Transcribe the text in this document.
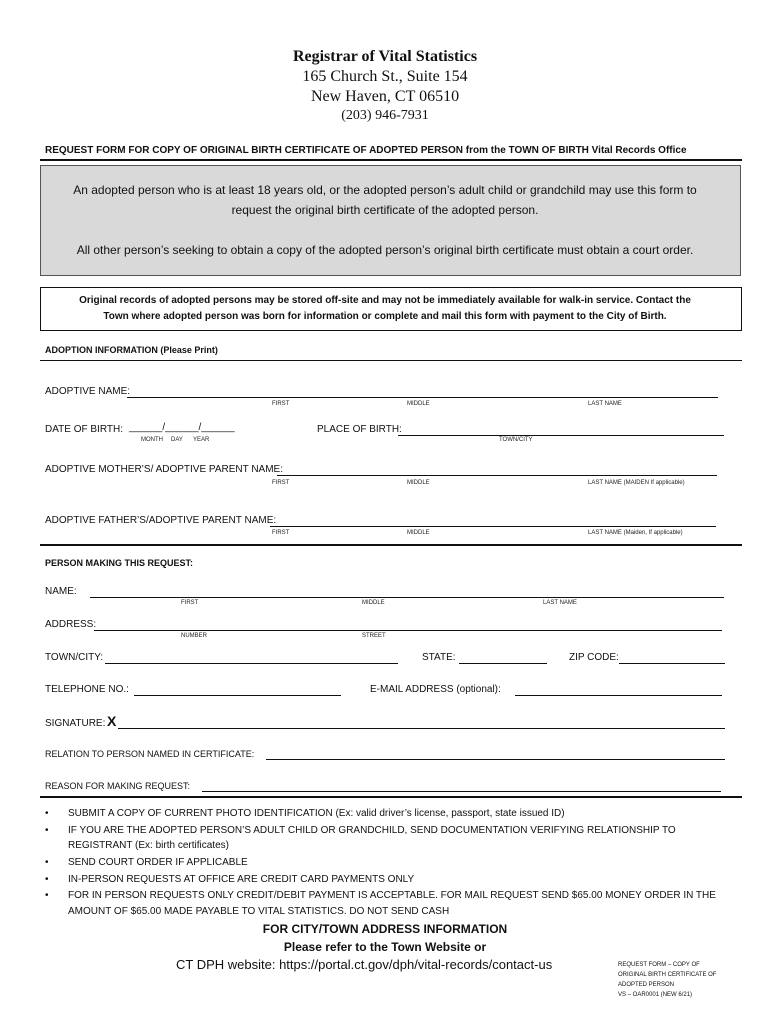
Registrar of Vital Statistics
165 Church St., Suite 154
New Haven, CT 06510
(203) 946-7931
REQUEST FORM FOR COPY OF ORIGINAL BIRTH CERTIFICATE OF ADOPTED PERSON from the TOWN OF BIRTH Vital Records Office
An adopted person who is at least 18 years old, or the adopted person’s adult child or grandchild may use this form to
request the original birth certificate of the adopted person.
All other person’s seeking to obtain a copy of the adopted person’s original birth certificate must obtain a court order.
Original records of adopted persons may be stored off-site and may not be immediately available for walk-in service. Contact the
Town where adopted person was born for information or complete and mail this form with payment to the City of Birth.
ADOPTION INFORMATION (Please Print)
ADOPTIVE NAME:
FIRST	MIDDLE	LAST NAME
DATE OF BIRTH: ______/______/______
MONTH DAY YEAR
PLACE OF BIRTH:
TOWN/CITY
ADOPTIVE MOTHER’S/ ADOPTIVE PARENT NAME:
FIRST	MIDDLE	LAST NAME (MAIDEN If applicable)
ADOPTIVE FATHER’S/ADOPTIVE PARENT NAME:
FIRST	MIDDLE	LAST NAME (Maiden, If applicable)
PERSON MAKING THIS REQUEST:
NAME:
FIRST	MIDDLE	LAST NAME
ADDRESS:
NUMBER	STREET
TOWN/CITY:	STATE:	ZIP CODE:
TELEPHONE NO.:	E-MAIL ADDRESS (optional):
SIGNATURE: X
RELATION TO PERSON NAMED IN CERTIFICATE:
REASON FOR MAKING REQUEST:
• SUBMIT A COPY OF CURRENT PHOTO IDENTIFICATION (Ex: valid driver’s license, passport, state issued ID)
• IF YOU ARE THE ADOPTED PERSON’S ADULT CHILD OR GRANDCHILD, SEND DOCUMENTATION VERIFYING RELATIONSHIP TO
REGISTRANT (Ex: birth certificates)
• SEND COURT ORDER IF APPLICABLE
• IN-PERSON REQUESTS AT OFFICE ARE CREDIT CARD PAYMENTS ONLY
• FOR IN PERSON REQUESTS ONLY CREDIT/DEBIT PAYMENT IS ACCEPTABLE. FOR MAIL REQUEST SEND $65.00 MONEY ORDER IN THE
AMOUNT OF $65.00 MADE PAYABLE TO VITAL STATISTICS. DO NOT SEND CASH
FOR CITY/TOWN ADDRESS INFORMATION
Please refer to the Town Website or
CT DPH website: https://portal.ct.gov/dph/vital-records/contact-us	REQUEST FORM – COPY OF
ORIGINAL BIRTH CERTIFICATE OF
ADOPTED PERSON
VS – OAR0001 (NEW 6/21)
